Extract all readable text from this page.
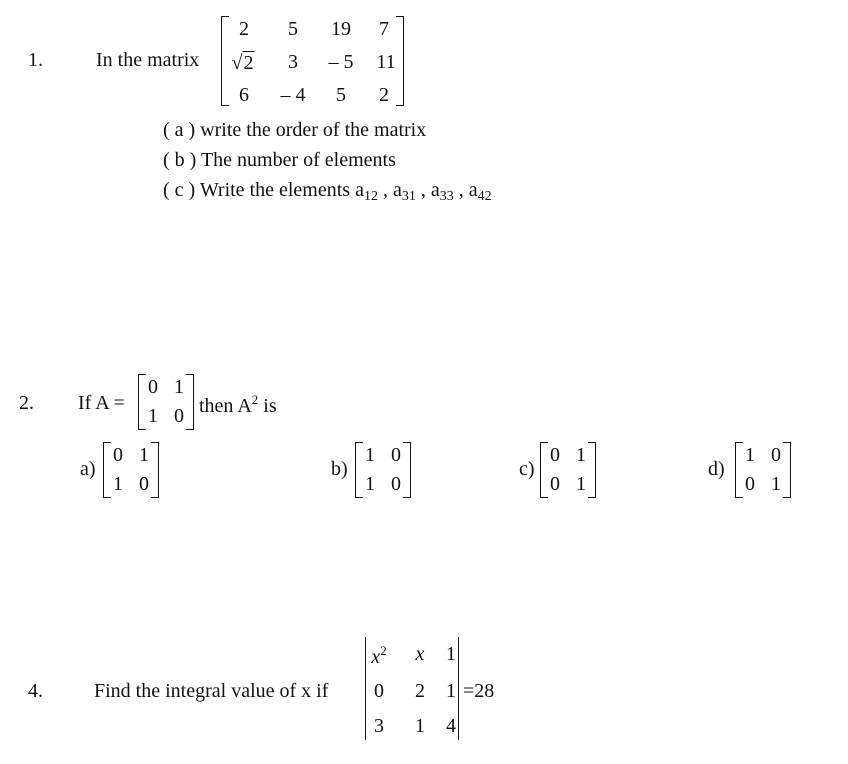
1.	In the matrix
2 5 19 7
√2 3 – 5 11
6 – 4 5 2
( a ) write the order of the matrix
( b ) The number of elements
( c ) Write the elements $a_{12}$ , $a_{31}$ , $a_{33}$ , $a_{42}$
2. If A =
0 1
1 0 then $A^2$ is
a)
0 1
1 0
b)
1 0
1 0
c)
0 1
0 1
d)
1 0
0 1
4.	Find the integral value of x if
$x^2$ x 1
0 2 1
3 1 4
=28
